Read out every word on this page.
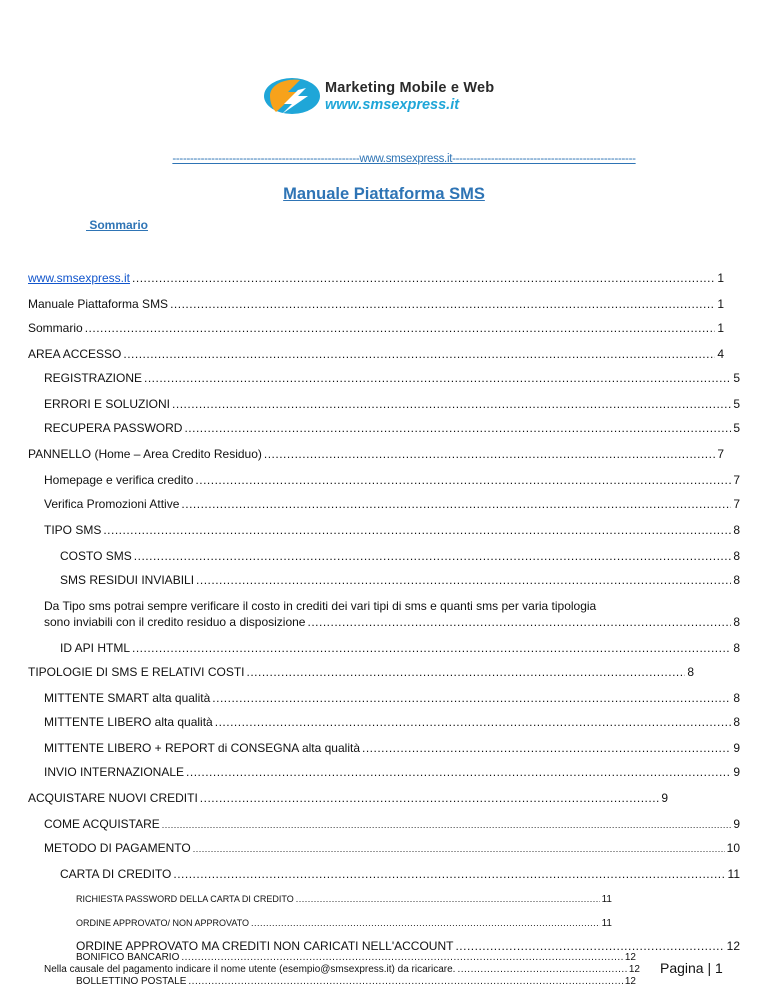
Marketing Mobile e Web
www.smsexpress.it
-----------------------------------------------------www.smsexpress.it----------------------------------------------------
Manuale Piattaforma SMS
Sommario
www.smsexpress.it .....	1
Manuale Piattaforma SMS .....	1
Sommario .....	1
AREA ACCESSO .....	4
REGISTRAZIONE .....	5
ERRORI E SOLUZIONI .....	5
RECUPERA PASSWORD .....	5
PANNELLO (Home – Area Credito Residuo) .....	7
Homepage e verifica credito .....	7
Verifica Promozioni Attive .....	7
TIPO SMS .....	8
COSTO SMS .....	8
SMS RESIDUI INVIABILI .....	8
Da Tipo sms potrai sempre verificare il costo in crediti dei vari tipi di sms e quanti sms per varia tipologia
sono inviabili con il credito residuo a disposizione .....	8
ID API HTML .....	8
TIPOLOGIE DI SMS E RELATIVI COSTI .....	8
MITTENTE SMART alta qualità .....	8
MITTENTE LIBERO alta qualità .....	8
MITTENTE LIBERO + REPORT di CONSEGNA alta qualità .....	9
INVIO INTERNAZIONALE .....	9
ACQUISTARE NUOVI CREDITI .....	9
COME ACQUISTARE .....	9
METODO DI PAGAMENTO .....	10
CARTA DI CREDITO .....	11
RICHIESTA PASSWORD DELLA CARTA DI CREDITO .....	11
ORDINE APPROVATO/ NON APPROVATO .....	11
ORDINE APPROVATO MA CREDITI NON CARICATI NELL'ACCOUNT .....	12
BONIFICO BANCARIO .....	12
Nella causale del pagamento indicare il nome utente (esempio@smsexpress.it) da ricaricare. .....	12
BOLLETTINO POSTALE .....	12
Pagina | 1
